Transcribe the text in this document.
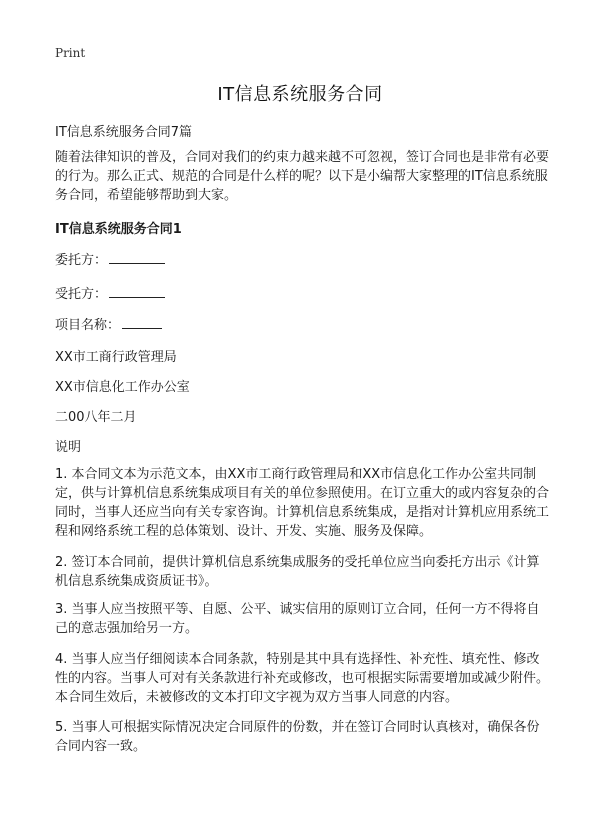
Print
IT信息系统服务合同
IT信息系统服务合同7篇
随着法律知识的普及，合同对我们的约束力越来越不可忽视，签订合同也是非常有必要的行为。那么正式、规范的合同是什么样的呢？以下是小编帮大家整理的IT信息系统服务合同，希望能够帮助到大家。
IT信息系统服务合同1
委托方：
受托方：
项目名称：
XX市工商行政管理局
XX市信息化工作办公室
二00八年二月
说明
1. 本合同文本为示范文本，由XX市工商行政管理局和XX市信息化工作办公室共同制定，供与计算机信息系统集成项目有关的单位参照使用。在订立重大的或内容复杂的合同时，当事人还应当向有关专家咨询。计算机信息系统集成，是指对计算机应用系统工程和网络系统工程的总体策划、设计、开发、实施、服务及保障。
2. 签订本合同前，提供计算机信息系统集成服务的受托单位应当向委托方出示《计算机信息系统集成资质证书》。
3. 当事人应当按照平等、自愿、公平、诚实信用的原则订立合同，任何一方不得将自己的意志强加给另一方。
4. 当事人应当仔细阅读本合同条款，特别是其中具有选择性、补充性、填充性、修改性的内容。当事人可对有关条款进行补充或修改，也可根据实际需要增加或减少附件。本合同生效后，未被修改的文本打印文字视为双方当事人同意的内容。
5. 当事人可根据实际情况决定合同原件的份数，并在签订合同时认真核对，确保各份合同内容一致。
